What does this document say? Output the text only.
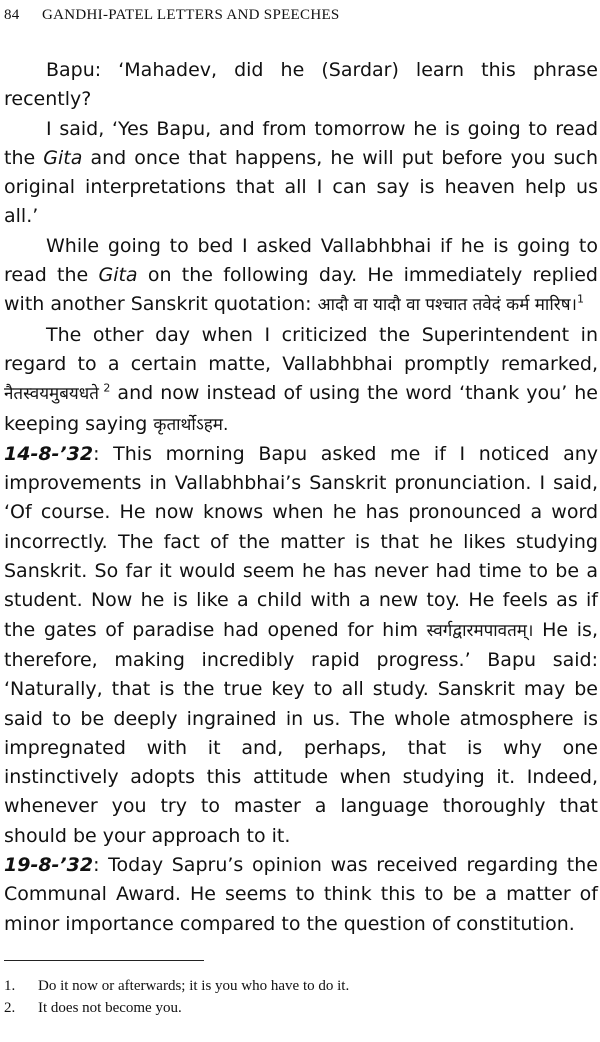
84 GANDHI-PATEL LETTERS AND SPEECHES

Bapu: ‘Mahadev, did he (Sardar) learn this phrase recently?

I said, ‘Yes Bapu, and from tomorrow he is going to read the Gita and once that happens, he will put before you such original interpretations that all I can say is heaven help us all.’

While going to bed I asked Vallabhbhai if he is going to read the Gita on the following day. He immediately replied with another Sanskrit quotation: आदौ वा यादौ वा पश्चात तवेदं कर्म मारिष।$^1$

The other day when I criticized the Superintendent in regard to a certain matte, Vallabhbhai promptly remarked, नैतस्वयमुबयधते $^2$ and now instead of using the word ‘thank you’ he keeping saying कृतार्थोऽहम.

14-8-’32: This morning Bapu asked me if I noticed any improvements in Vallabhbhai’s Sanskrit pronunciation. I said, ‘Of course. He now knows when he has pronounced a word incorrectly. The fact of the matter is that he likes studying Sanskrit. So far it would seem he has never had time to be a student. Now he is like a child with a new toy. He feels as if the gates of paradise had opened for him स्वर्गद्वारमपावतम्। He is, therefore, making incredibly rapid progress.’ Bapu said: ‘Naturally, that is the true key to all study. Sanskrit may be said to be deeply ingrained in us. The whole atmosphere is impregnated with it and, perhaps, that is why one instinctively adopts this attitude when studying it. Indeed, whenever you try to master a language thoroughly that should be your approach to it.

19-8-’32: Today Sapru’s opinion was received regarding the Communal Award. He seems to think this to be a matter of minor importance compared to the question of constitution.

1.	Do it now or afterwards; it is you who have to do it.
2.	It does not become you.
